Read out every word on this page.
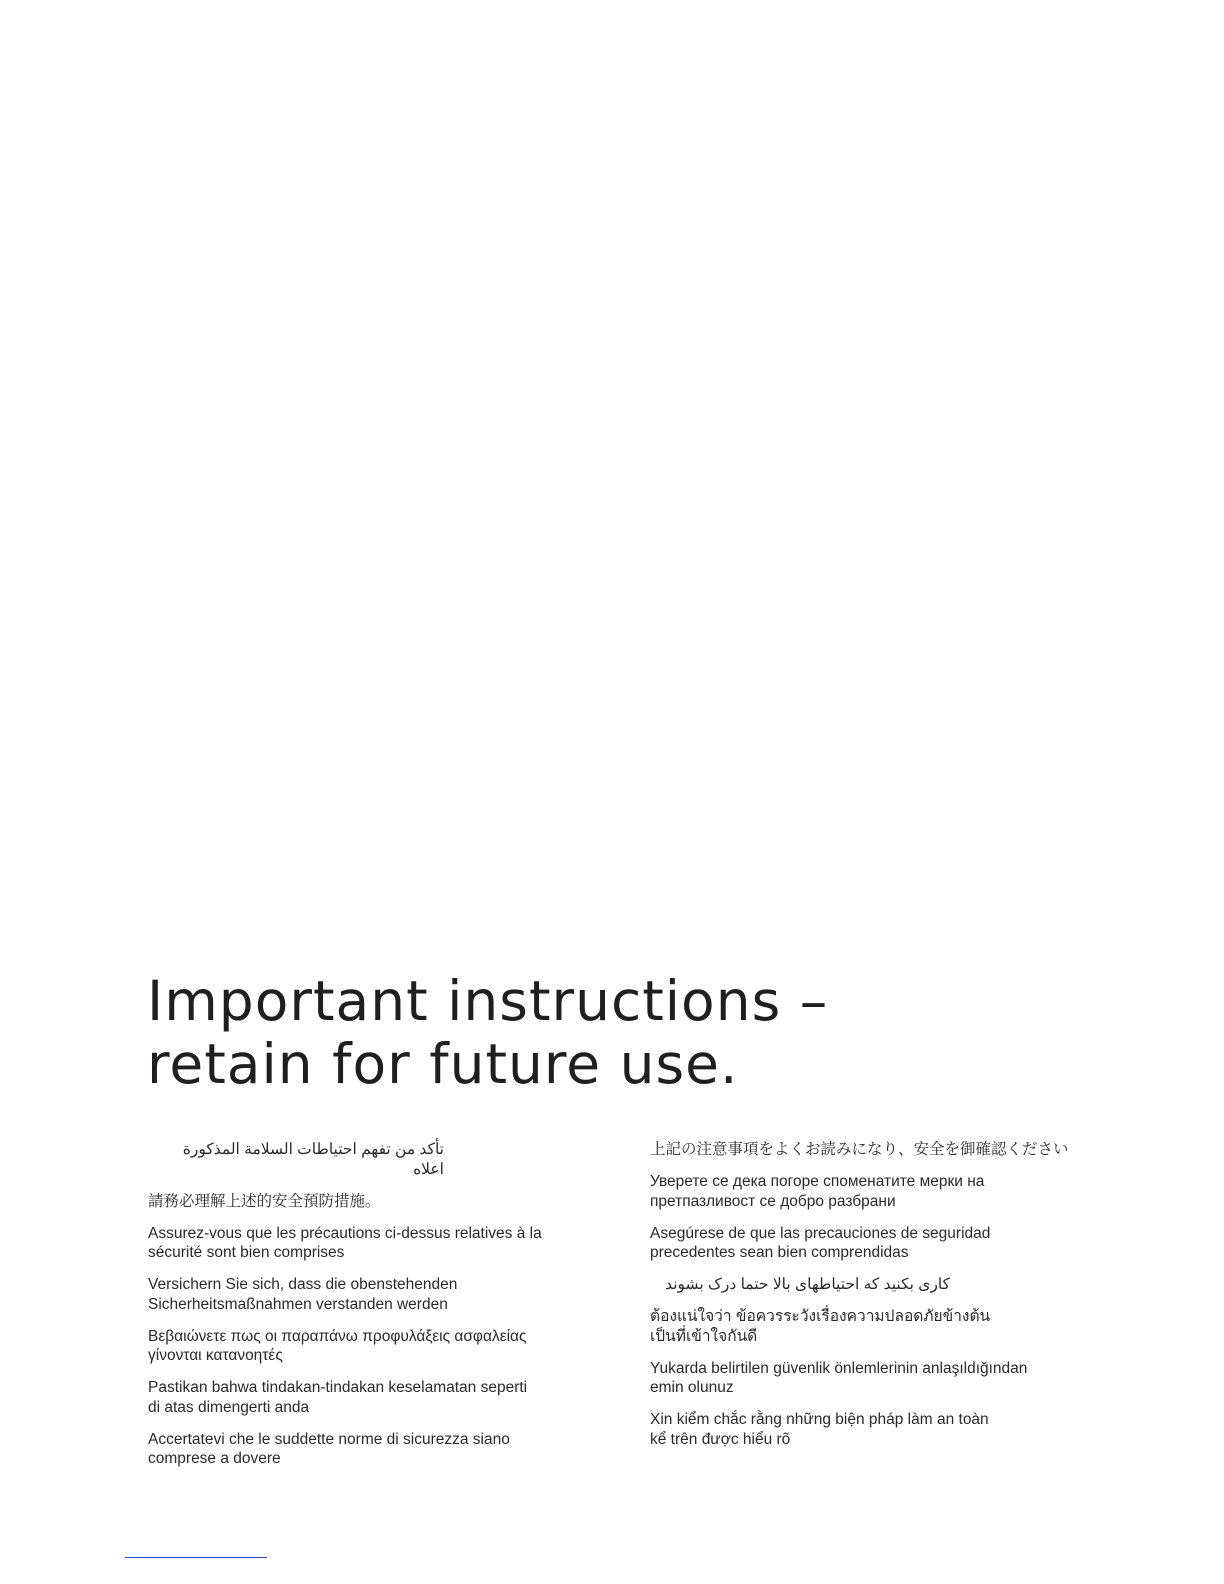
Important instructions –
retain for future use.

تأكد من تفهم احتياطات السلامة المذكورة اعلاه

請務必理解上述的安全預防措施。

Assurez-vous que les précautions ci-dessus relatives à la
sécurité sont bien comprises

Versichern Sie sich, dass die obenstehenden
Sicherheitsmaßnahmen verstanden werden

Βεβαιώνετε πως οι παραπάνω προφυλάξεις ασφαλείας
γίνονται κατανοητές

Pastikan bahwa tindakan-tindakan keselamatan seperti
di atas dimengerti anda

Accertatevi che le suddette norme di sicurezza siano
comprese a dovere

上記の注意事項をよくお読みになり、安全を御確認ください

Уверете се дека погоре споменатите мерки на
претпазливост се добро разбрани

Asegúrese de que las precauciones de seguridad
precedentes sean bien comprendidas

کاری بکنید که احتیاطهای بالا حتما درک بشوند

ต้องแน่ใจว่า ข้อควรระวังเรื่องความปลอดภัยข้างต้น
เป็นที่เข้าใจกันดี

Yukarda belirtilen güvenlik önlemlerinin anlaşıldığından
emin olunuz

Xin kiểm chắc rằng những biện pháp làm an toàn
kể trên được hiểu rõ
